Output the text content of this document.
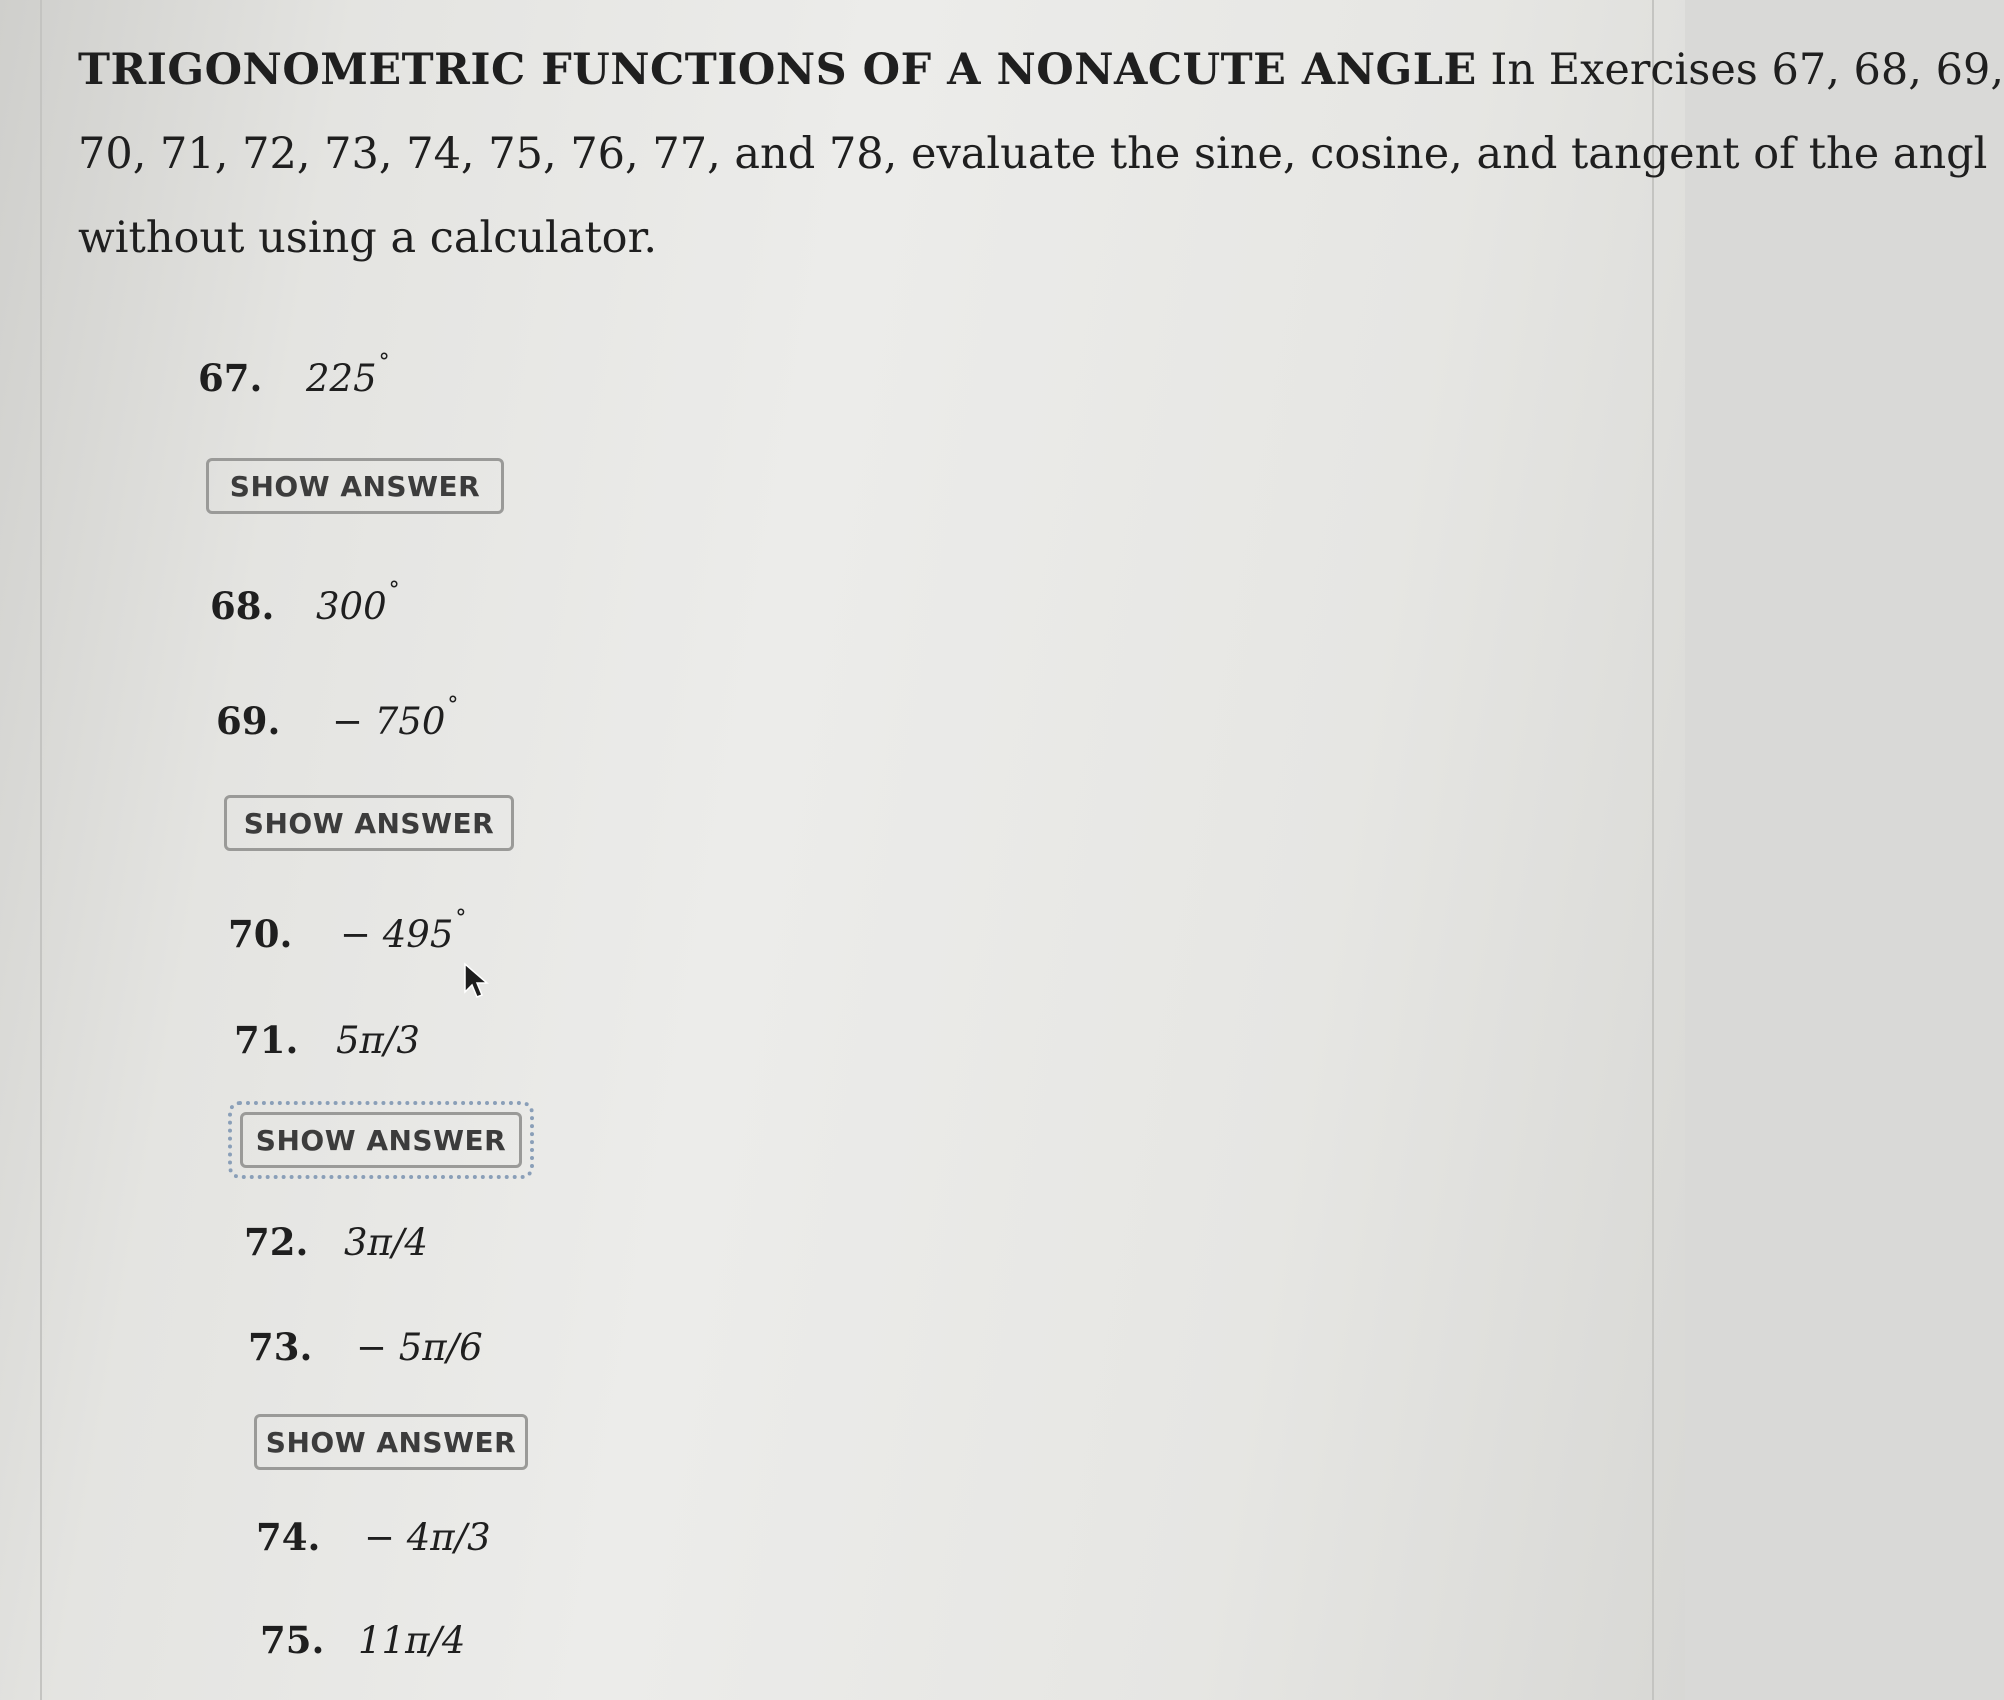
TRIGONOMETRIC FUNCTIONS OF A NONACUTE ANGLE In Exercises 67, 68, 69,
70, 71, 72, 73, 74, 75, 76, 77, and 78, evaluate the sine, cosine, and tangent of the angl
without using a calculator.
67. 225°
SHOW ANSWER
68. 300°
69. − 750°
SHOW ANSWER
70. − 495°
71. 5π/3
SHOW ANSWER
72. 3π/4
73. − 5π/6
SHOW ANSWER
74. − 4π/3
75. 11π/4
